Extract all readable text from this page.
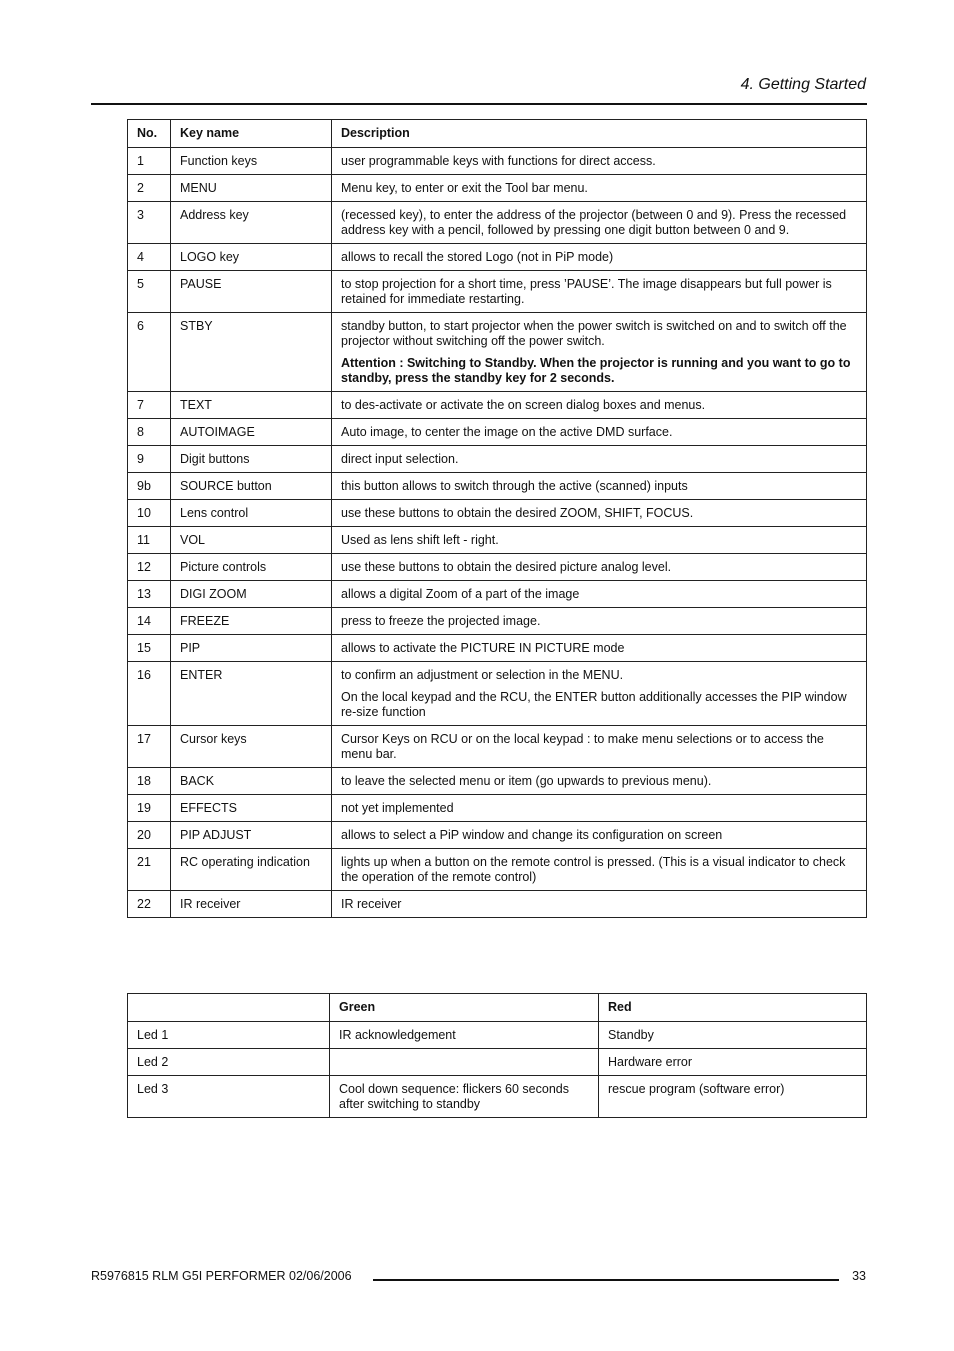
4. Getting Started
No.	Key name	Description
1	Function keys	user programmable keys with functions for direct access.

2	MENU	Menu key, to enter or exit the Tool bar menu.

3	Address key	(recessed key), to enter the address of the projector (between 0 and 9). Press the recessed address key with a pencil, followed by pressing one digit button between 0 and 9.

4	LOGO key	allows to recall the stored Logo (not in PiP mode)

5	PAUSE	to stop projection for a short time, press ’PAUSE’. The image disappears but full power is retained for immediate restarting.

6	STBY	standby button, to start projector when the power switch is switched on and to switch off the projector without switching off the power switch.

Attention : Switching to Standby. When the projector is running and you want to go to standby, press the standby key for 2 seconds.

7	TEXT	to des-activate or activate the on screen dialog boxes and menus.

8	AUTOIMAGE	Auto image, to center the image on the active DMD surface.

9	Digit buttons	direct input selection.

9b	SOURCE button	this button allows to switch through the active (scanned) inputs

10	Lens control	use these buttons to obtain the desired ZOOM, SHIFT, FOCUS.

11	VOL	Used as lens shift left - right.

12	Picture controls	use these buttons to obtain the desired picture analog level.

13	DIGI ZOOM	allows a digital Zoom of a part of the image

14	FREEZE	press to freeze the projected image.

15	PIP	allows to activate the PICTURE IN PICTURE mode

16	ENTER	to confirm an adjustment or selection in the MENU.

On the local keypad and the RCU, the ENTER button additionally accesses the PIP window re-size function

17	Cursor keys	Cursor Keys on RCU or on the local keypad : to make menu selections or to access the menu bar.

18	BACK	to leave the selected menu or item (go upwards to previous menu).

19	EFFECTS	not yet implemented

20	PIP ADJUST	allows to select a PiP window and change its configuration on screen

21	RC operating indication	lights up when a button on the remote control is pressed. (This is a visual indicator to check the operation of the remote control)

22	IR receiver	IR receiver

	Green	Red
Led 1	IR acknowledgement	Standby
Led 2		Hardware error
Led 3	Cool down sequence: flickers 60 seconds after switching to standby	rescue program (software error)
R5976815 RLM G5I PERFORMER 02/06/2006	33
